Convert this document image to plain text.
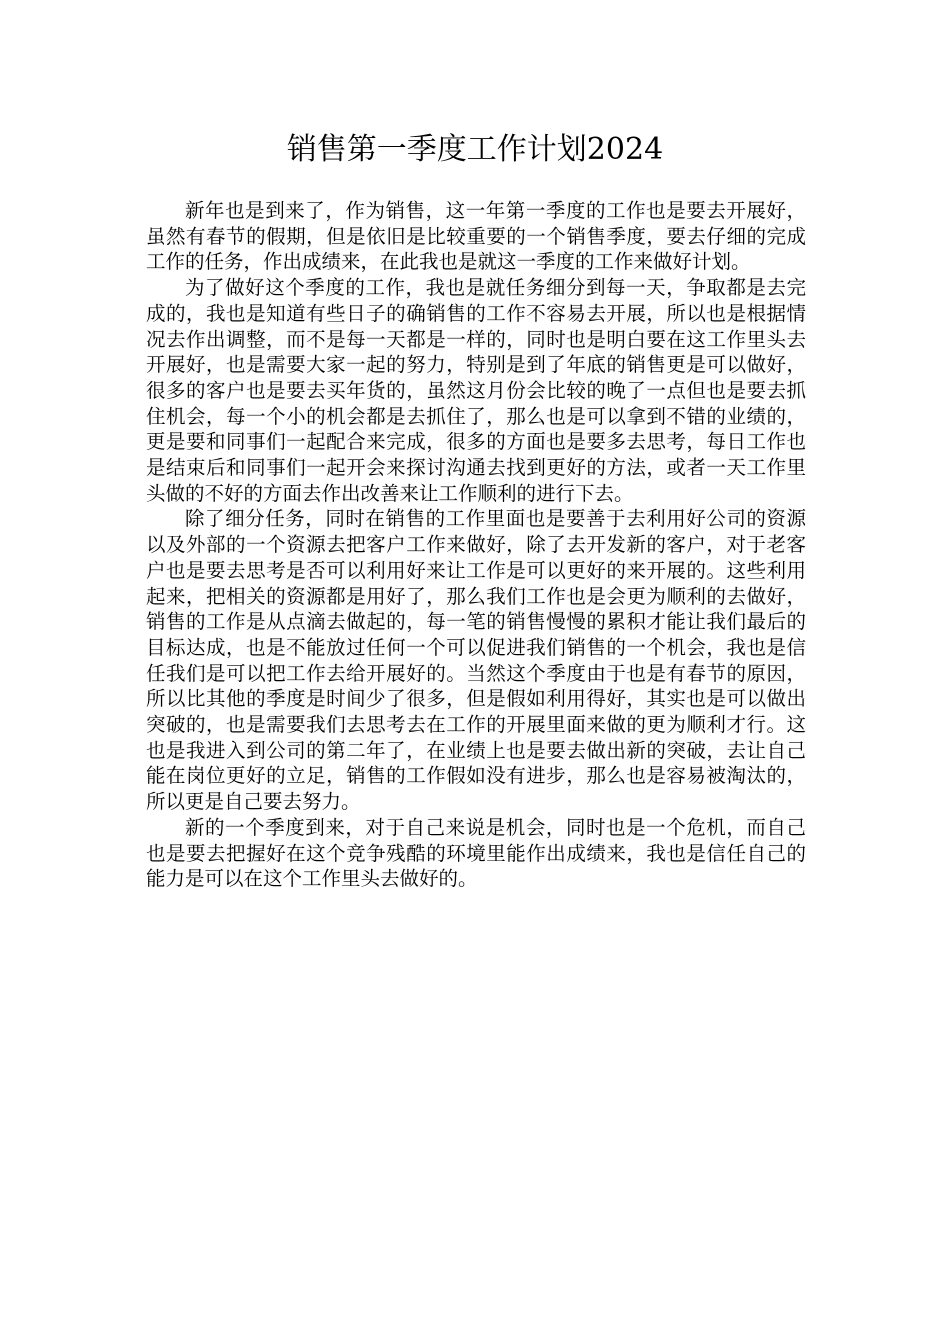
销售第一季度工作计划2024

新年也是到来了，作为销售，这一年第一季度的工作也是要去开展好，虽然有春节的假期，但是依旧是比较重要的一个销售季度，要去仔细的完成工作的任务，作出成绩来，在此我也是就这一季度的工作来做好计划。

为了做好这个季度的工作，我也是就任务细分到每一天，争取都是去完成的，我也是知道有些日子的确销售的工作不容易去开展，所以也是根据情况去作出调整，而不是每一天都是一样的，同时也是明白要在这工作里头去开展好，也是需要大家一起的努力，特别是到了年底的销售更是可以做好，很多的客户也是要去买年货的，虽然这月份会比较的晚了一点但也是要去抓住机会，每一个小的机会都是去抓住了，那么也是可以拿到不错的业绩的，更是要和同事们一起配合来完成，很多的方面也是要多去思考，每日工作也是结束后和同事们一起开会来探讨沟通去找到更好的方法，或者一天工作里头做的不好的方面去作出改善来让工作顺利的进行下去。

除了细分任务，同时在销售的工作里面也是要善于去利用好公司的资源以及外部的一个资源去把客户工作来做好，除了去开发新的客户，对于老客户也是要去思考是否可以利用好来让工作是可以更好的来开展的。这些利用起来，把相关的资源都是用好了，那么我们工作也是会更为顺利的去做好，销售的工作是从点滴去做起的，每一笔的销售慢慢的累积才能让我们最后的目标达成，也是不能放过任何一个可以促进我们销售的一个机会，我也是信任我们是可以把工作去给开展好的。当然这个季度由于也是有春节的原因，所以比其他的季度是时间少了很多，但是假如利用得好，其实也是可以做出突破的，也是需要我们去思考去在工作的开展里面来做的更为顺利才行。这也是我进入到公司的第二年了，在业绩上也是要去做出新的突破，去让自己能在岗位更好的立足，销售的工作假如没有进步，那么也是容易被淘汰的，所以更是自己要去努力。

新的一个季度到来，对于自己来说是机会，同时也是一个危机，而自己也是要去把握好在这个竞争残酷的环境里能作出成绩来，我也是信任自己的能力是可以在这个工作里头去做好的。
